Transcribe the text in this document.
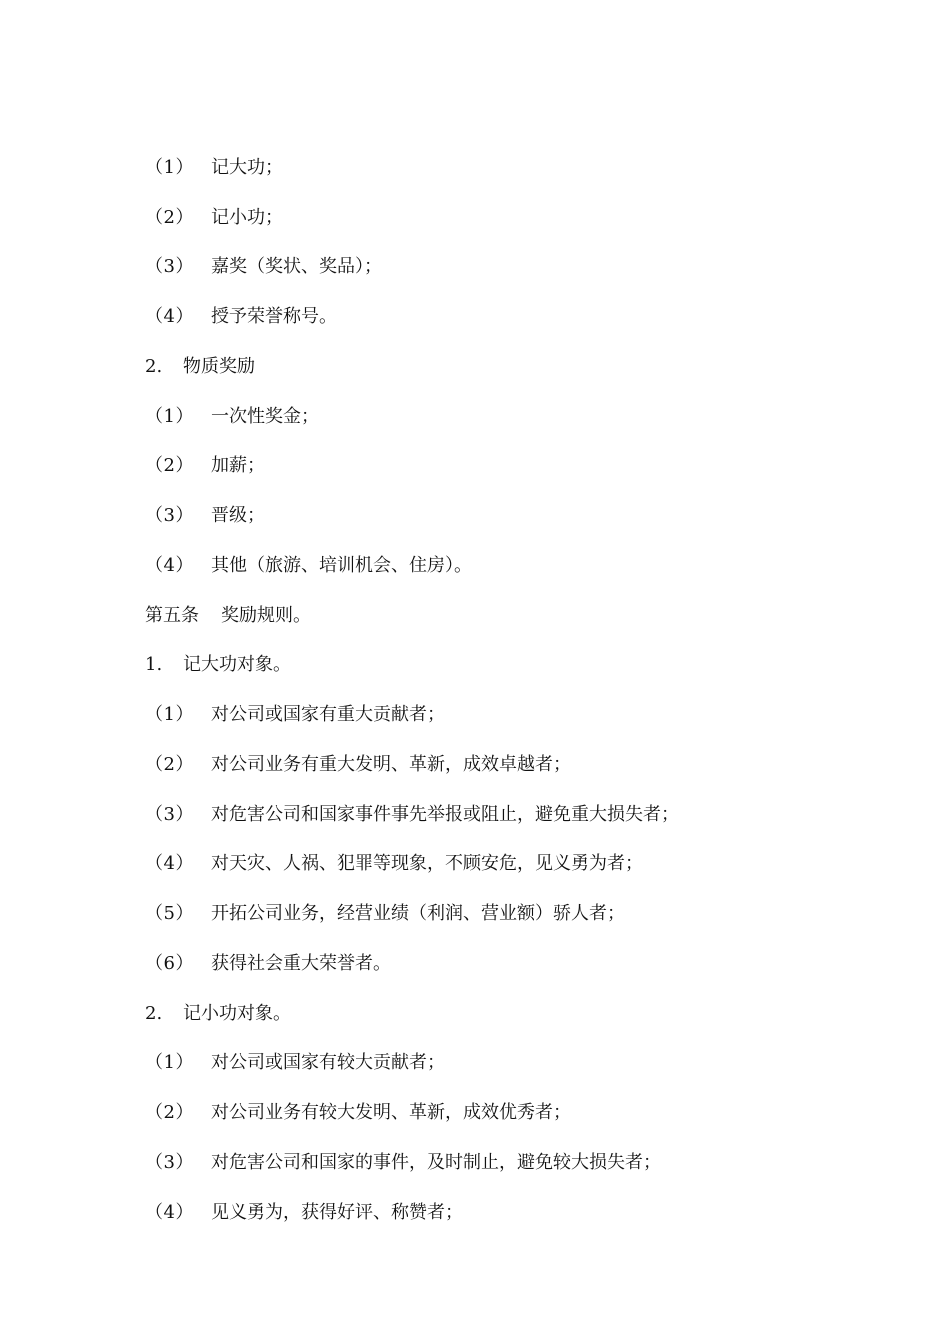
（1） 记大功；
（2） 记小功；
（3） 嘉奖（奖状、奖品）；
（4） 授予荣誉称号。
2.	物质奖励
（1） 一次性奖金；
（2） 加薪；
（3） 晋级；
（4） 其他（旅游、培训机会、住房）。
第五条	奖励规则。
1.	记大功对象。
（1） 对公司或国家有重大贡献者；
（2） 对公司业务有重大发明、革新，成效卓越者；
（3） 对危害公司和国家事件事先举报或阻止，避免重大损失者；
（4） 对天灾、人祸、犯罪等现象，不顾安危，见义勇为者；
（5） 开拓公司业务，经营业绩（利润、营业额）骄人者；
（6） 获得社会重大荣誉者。
2.	记小功对象。
（1） 对公司或国家有较大贡献者；
（2） 对公司业务有较大发明、革新，成效优秀者；
（3） 对危害公司和国家的事件，及时制止，避免较大损失者；
（4） 见义勇为，获得好评、称赞者；
